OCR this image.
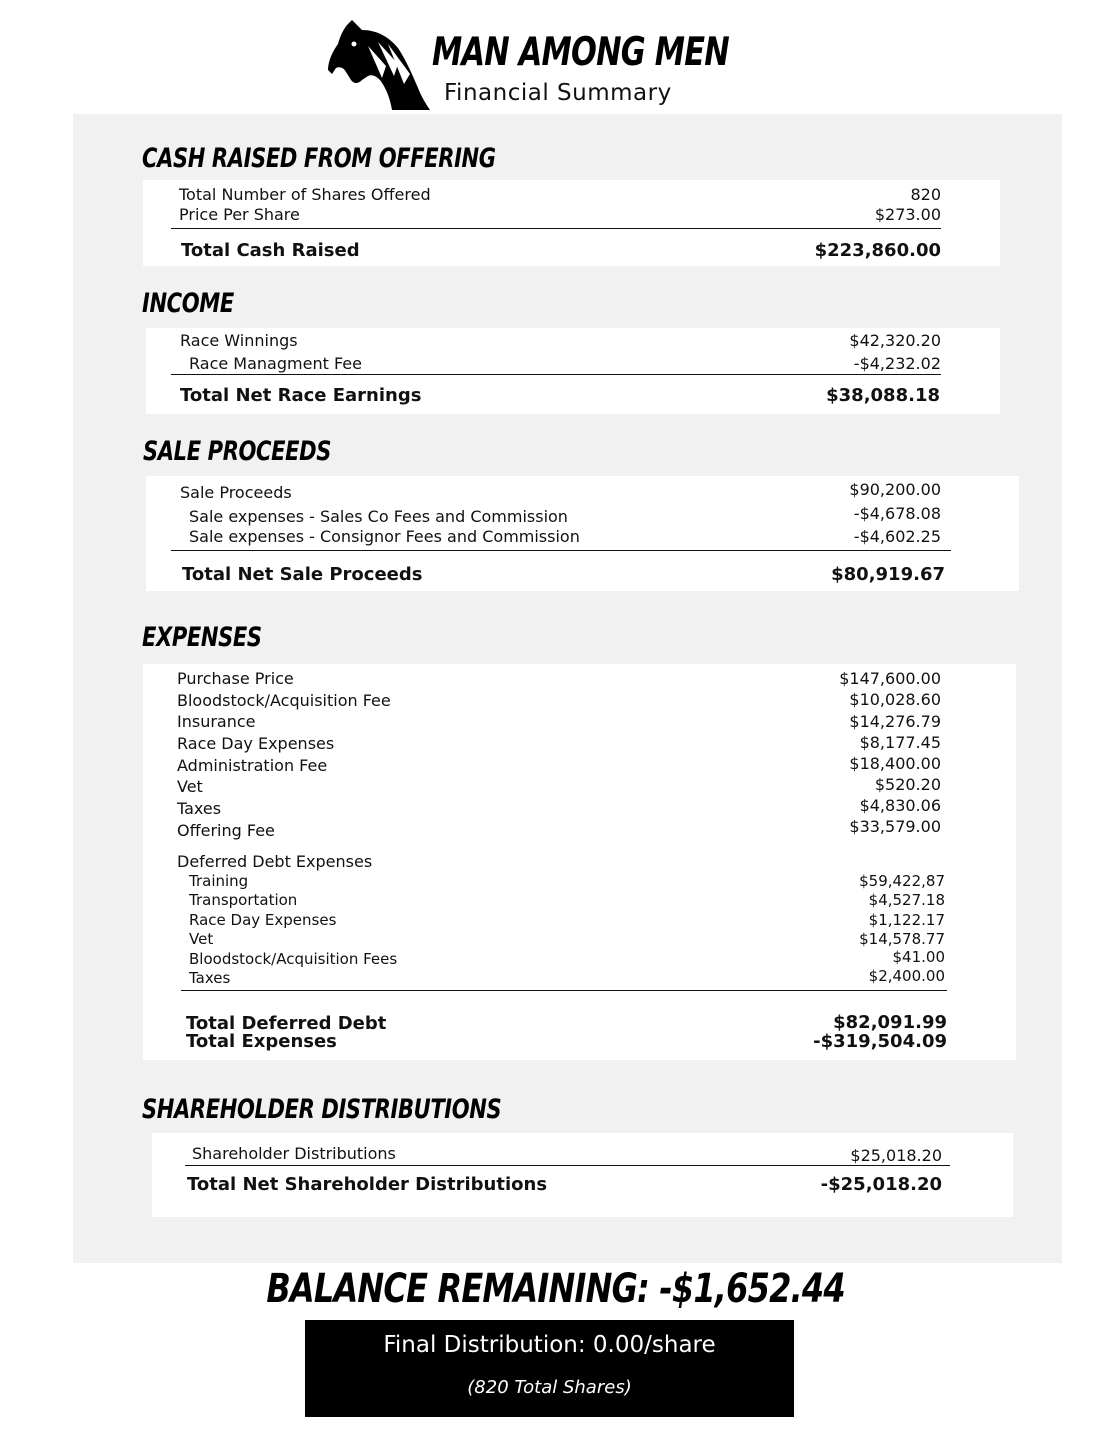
MAN AMONG MEN
Financial Summary
CASH RAISED FROM OFFERING
Total Number of Shares Offered	820
Price Per Share	$273.00
Total Cash Raised	$223,860.00
INCOME
Race Winnings	$42,320.20
Race Managment Fee	-$4,232.02
Total Net Race Earnings	$38,088.18
SALE PROCEEDS
Sale Proceeds	$90,200.00
Sale expenses - Sales Co Fees and Commission	-$4,678.08
Sale expenses - Consignor Fees and Commission	-$4,602.25
Total Net Sale Proceeds	$80,919.67
EXPENSES
Purchase Price	$147,600.00
Bloodstock/Acquisition Fee	$10,028.60
Insurance	$14,276.79
Race Day Expenses	$8,177.45
Administration Fee	$18,400.00
Vet	$520.20
Taxes	$4,830.06
Offering Fee	$33,579.00
Deferred Debt Expenses
Training	$59,422,87
Transportation	$4,527.18
Race Day Expenses	$1,122.17
Vet	$14,578.77
Bloodstock/Acquisition Fees	$41.00
Taxes	$2,400.00
Total Deferred Debt	$82,091.99
Total Expenses	-$319,504.09
SHAREHOLDER DISTRIBUTIONS
Shareholder Distributions	$25,018.20
Total Net Shareholder Distributions	-$25,018.20
BALANCE REMAINING: -$1,652.44
Final Distribution: 0.00/share
(820 Total Shares)
